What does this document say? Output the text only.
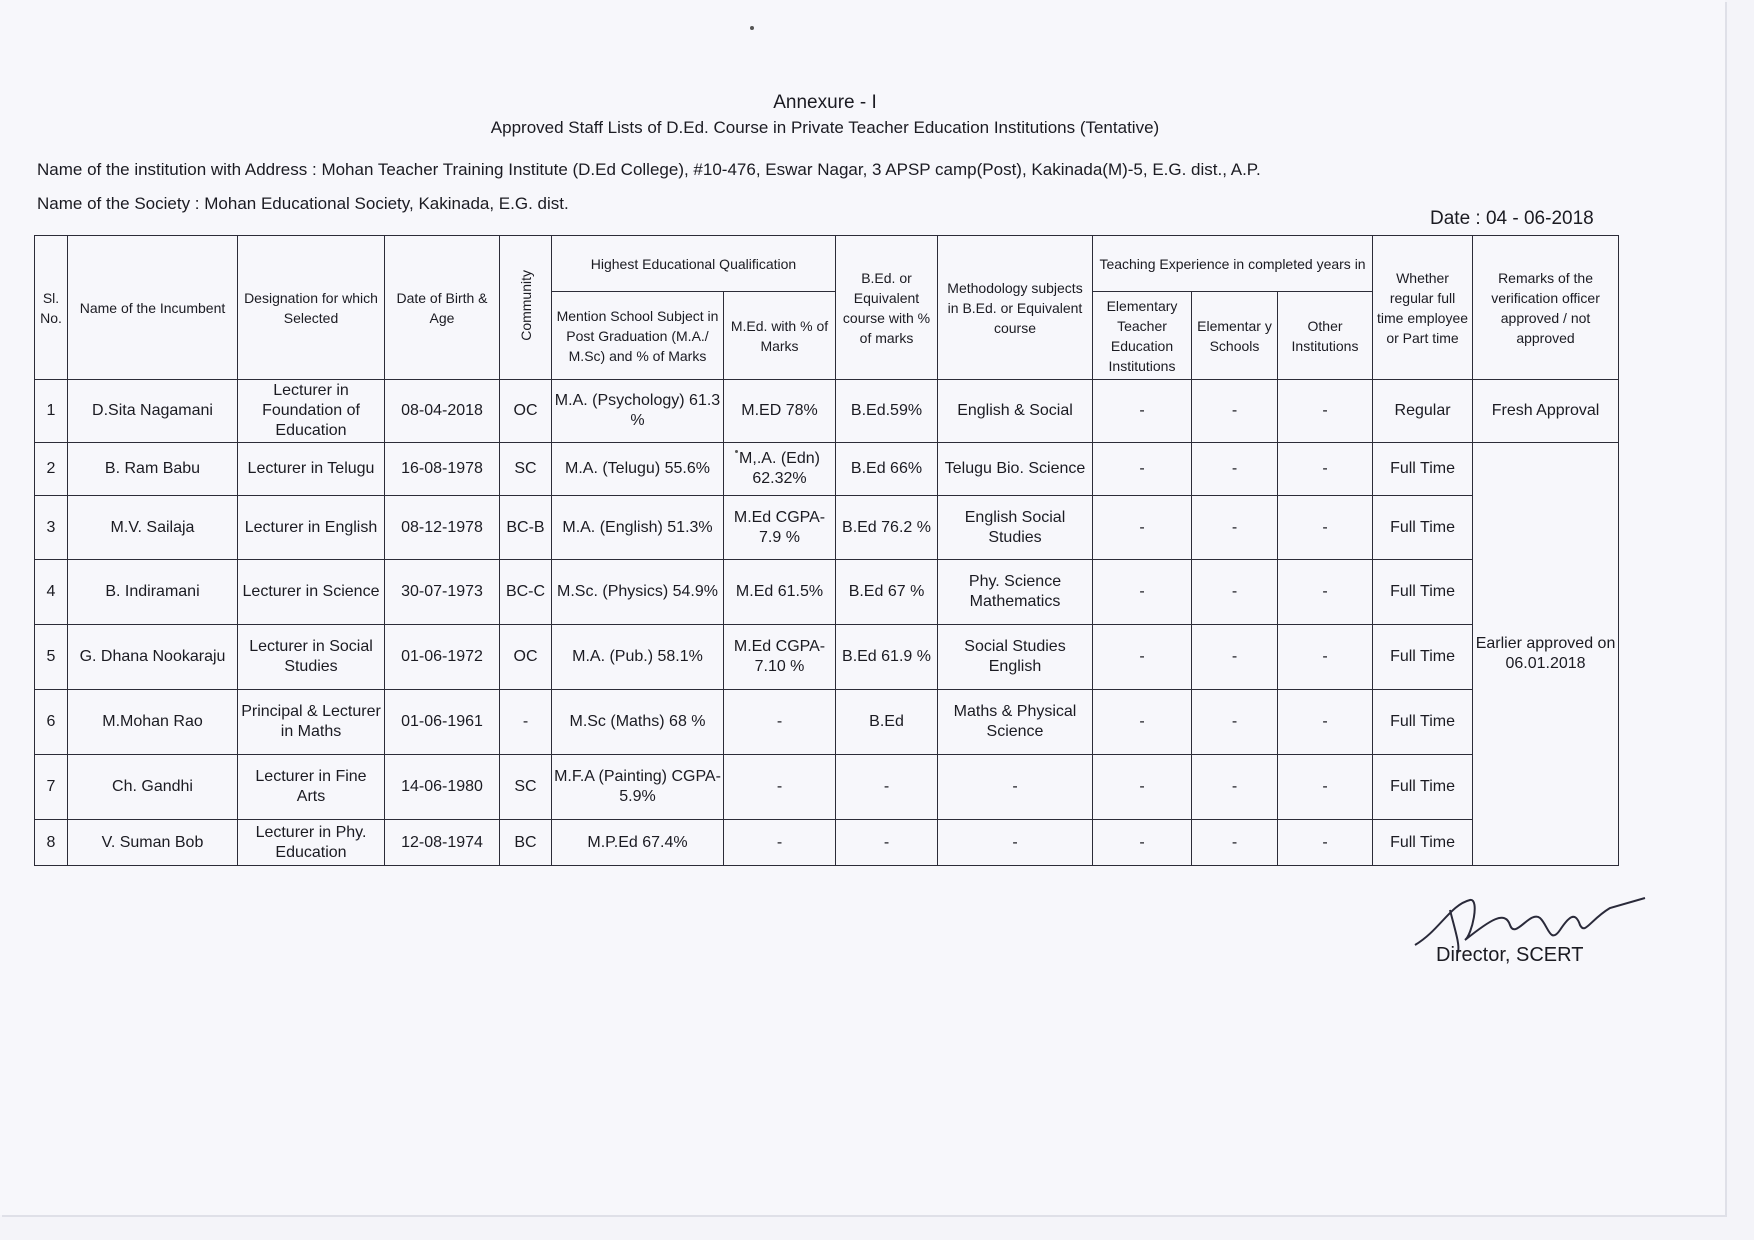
Annexure - I
Approved Staff Lists of D.Ed. Course in Private Teacher Education Institutions (Tentative)
Name of the institution with Address : Mohan Teacher Training Institute (D.Ed College), #10-476, Eswar Nagar, 3 APSP camp(Post), Kakinada(M)-5, E.G. dist., A.P.
Name of the Society : Mohan Educational Society, Kakinada, E.G. dist.
Date : 04 - 06-2018
Sl. No.	Name of the Incumbent	Designation for which Selected	Date of Birth & Age	Community	Highest Educational Qualification		B.Ed. or Equivalent course with % of marks	Methodology subjects in B.Ed. or Equivalent course	Teaching Experience in completed years in			Whether regular full time employee or Part time	Remarks of the verification officer approved / not approved
					Mention School Subject in Post Graduation (M.A./ M.Sc) and % of Marks	M.Ed. with % of Marks			Elementary Teacher Education Institutions	Elementar y Schools	Other Institutions		
1	D.Sita Nagamani	Lecturer in Foundation of Education	08-04-2018	OC	M.A. (Psychology) 61.3 %	M.ED 78%	B.Ed.59%	English & Social	-	-	-	Regular	Fresh Approval
2	B. Ram Babu	Lecturer in Telugu	16-08-1978	SC	M.A. (Telugu) 55.6%	M,.A. (Edn) 62.32%	B.Ed 66%	Telugu Bio. Science	-	-	-	Full Time	Earlier approved on 06.01.2018
3	M.V. Sailaja	Lecturer in English	08-12-1978	BC-B	M.A. (English) 51.3%	M.Ed CGPA-7.9 %	B.Ed 76.2 %	English Social Studies	-	-	-	Full Time	
4	B. Indiramani	Lecturer in Science	30-07-1973	BC-C	M.Sc. (Physics) 54.9%	M.Ed 61.5%	B.Ed 67 %	Phy. Science Mathematics	-	-	-	Full Time	
5	G. Dhana Nookaraju	Lecturer in Social Studies	01-06-1972	OC	M.A. (Pub.) 58.1%	M.Ed CGPA-7.10 %	B.Ed 61.9 %	Social Studies English	-	-	-	Full Time	
6	M.Mohan Rao	Principal & Lecturer in Maths	01-06-1961	-	M.Sc (Maths) 68 %	-	B.Ed	Maths & Physical Science	-	-	-	Full Time	
7	Ch. Gandhi	Lecturer in Fine Arts	14-06-1980	SC	M.F.A (Painting) CGPA- 5.9%	-	-	-	-	-	-	Full Time	
8	V. Suman Bob	Lecturer in Phy. Education	12-08-1974	BC	M.P.Ed 67.4%	-	-	-	-	-	-	Full Time	
Director, SCERT
